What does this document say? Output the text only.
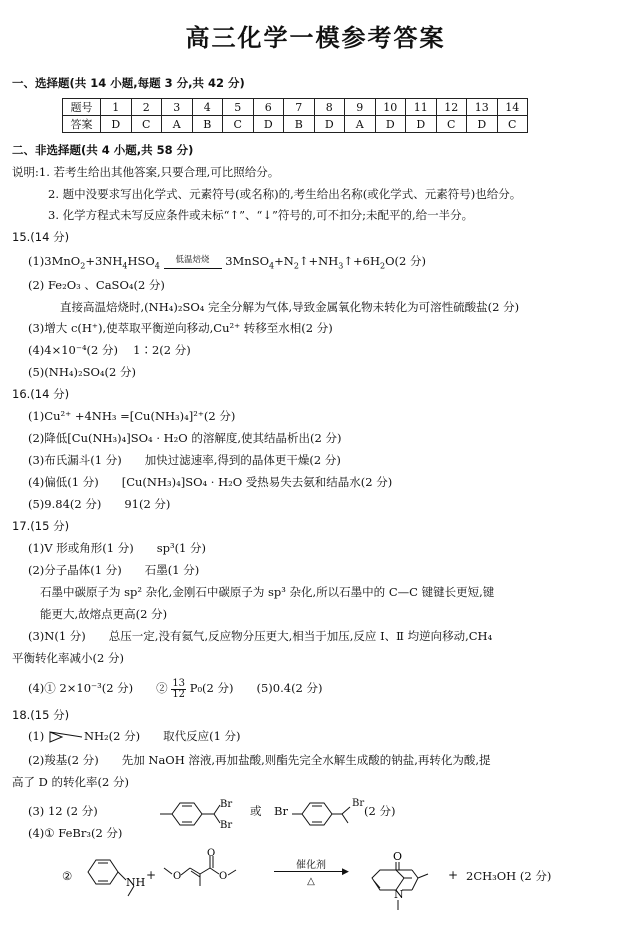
高三化学一模参考答案
一、选择题(共 14 小题,每题 3 分,共 42 分)
题号	1	2	3	4	5	6	7	8	9	10	11	12	13	14
答案	D	C	A	B	C	D	B	D	A	D	D	C	D	C
二、非选择题(共 4 小题,共 58 分)
说明:1. 若考生给出其他答案,只要合理,可比照给分。
2. 题中没要求写出化学式、元素符号(或名称)的,考生给出名称(或化学式、元素符号)也给分。
3. 化学方程式未写反应条件或未标“↑”、“↓”符号的,可不扣分;未配平的,给一半分。
15.(14 分)
$(1)3MnO_2+3NH_4HSO_4$
低温焙烧	$3MnSO_4+N_2↑+NH_3↑+6H_2O(2$ 分)
(2) Fe₂O₃ 、CaSO₄(2 分)
直接高温焙烧时,(NH₄)₂SO₄ 完全分解为气体,导致金属氧化物未转化为可溶性硫酸盐(2 分)
(3)增大 c(H⁺),使萃取平衡逆向移动,Cu²⁺ 转移至水相(2 分)
(4)4×10⁻⁴(2 分)　 1∶2(2 分)
(5)(NH₄)₂SO₄(2 分)
16.(14 分)
(1)Cu²⁺ +4NH₃ =[Cu(NH₃)₄]²⁺(2 分)
(2)降低[Cu(NH₃)₄]SO₄ · H₂O 的溶解度,使其结晶析出(2 分)
(3)布氏漏斗(1 分)　　加快过滤速率,得到的晶体更干燥(2 分)
(4)偏低(1 分)　　[Cu(NH₃)₄]SO₄ · H₂O 受热易失去氨和结晶水(2 分)
(5)9.84(2 分)　　91(2 分)
17.(15 分)
(1)V 形或角形(1 分)　　sp³(1 分)
(2)分子晶体(1 分)　　石墨(1 分)
石墨中碳原子为 sp² 杂化,金刚石中碳原子为 sp³ 杂化,所以石墨中的 C—C 键键长更短,键
能更大,故熔点更高(2 分)
(3)N(1 分)　　总压一定,没有氦气,反应物分压更大,相当于加压,反应 Ⅰ、Ⅱ 均逆向移动,CH₄
平衡转化率减小(2 分)
(4)① 2×10⁻³(2 分)　　② $\frac{13}{12} P_0(2$ 分)　　(5)0.4(2 分)
18.(15 分)
(1)	NH₂(2 分)　　取代反应(1 分)
(2)羧基(2 分)　　先加 NaOH 溶液,再加盐酸,则酯先完全水解生成酸的钠盐,再转化为酸,提
高了 D 的转化率(2 分)
(3) 12 (2 分)	Br
Br
或 Br
Br
(2 分)
(4)① FeBr₃(2 分)
②	NH
+ O
O
O
催化剂
▶
△
O
N
+ 2CH₃OH (2 分)
